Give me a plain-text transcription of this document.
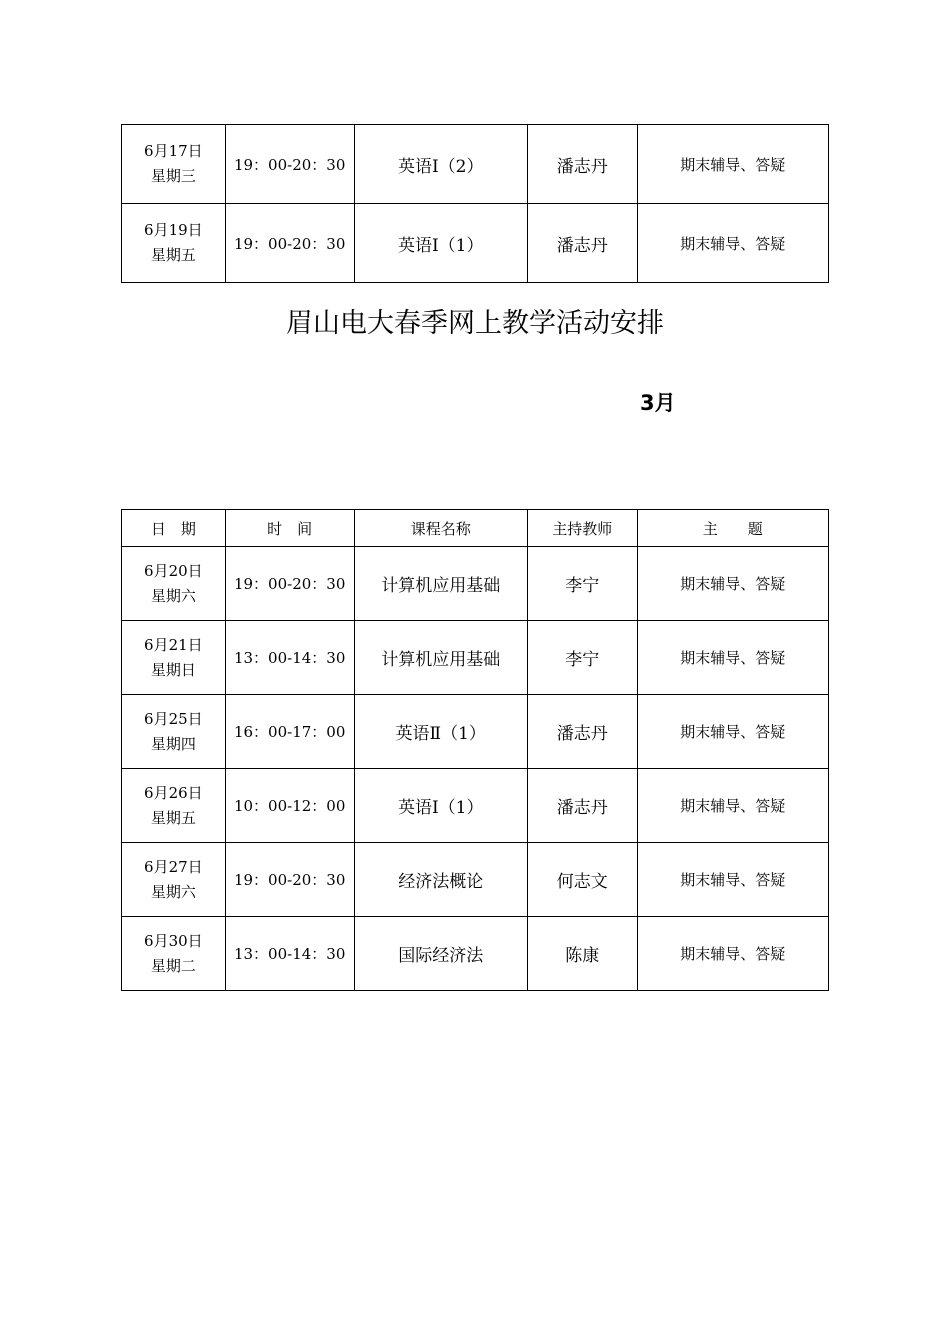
6月17日
星期三	19：00-20：30	英语Ⅰ（2）	潘志丹	期末辅导、答疑

6月19日
星期五	19：00-20：30	英语Ⅰ（1）	潘志丹	期末辅导、答疑
眉山电大春季网上教学活动安排
3月
日　期	时　间	课程名称	主持教师	主　　题

6月20日
星期六	19：00-20：30	计算机应用基础	李宁	期末辅导、答疑

6月21日
星期日	13：00-14：30	计算机应用基础	李宁	期末辅导、答疑

6月25日
星期四	16：00-17：00	英语Ⅱ（1）	潘志丹	期末辅导、答疑

6月26日
星期五	10：00-12：00	英语Ⅰ（1）	潘志丹	期末辅导、答疑

6月27日
星期六	19：00-20：30	经济法概论	何志文	期末辅导、答疑

6月30日
星期二	13：00-14：30	国际经济法	陈康	期末辅导、答疑
